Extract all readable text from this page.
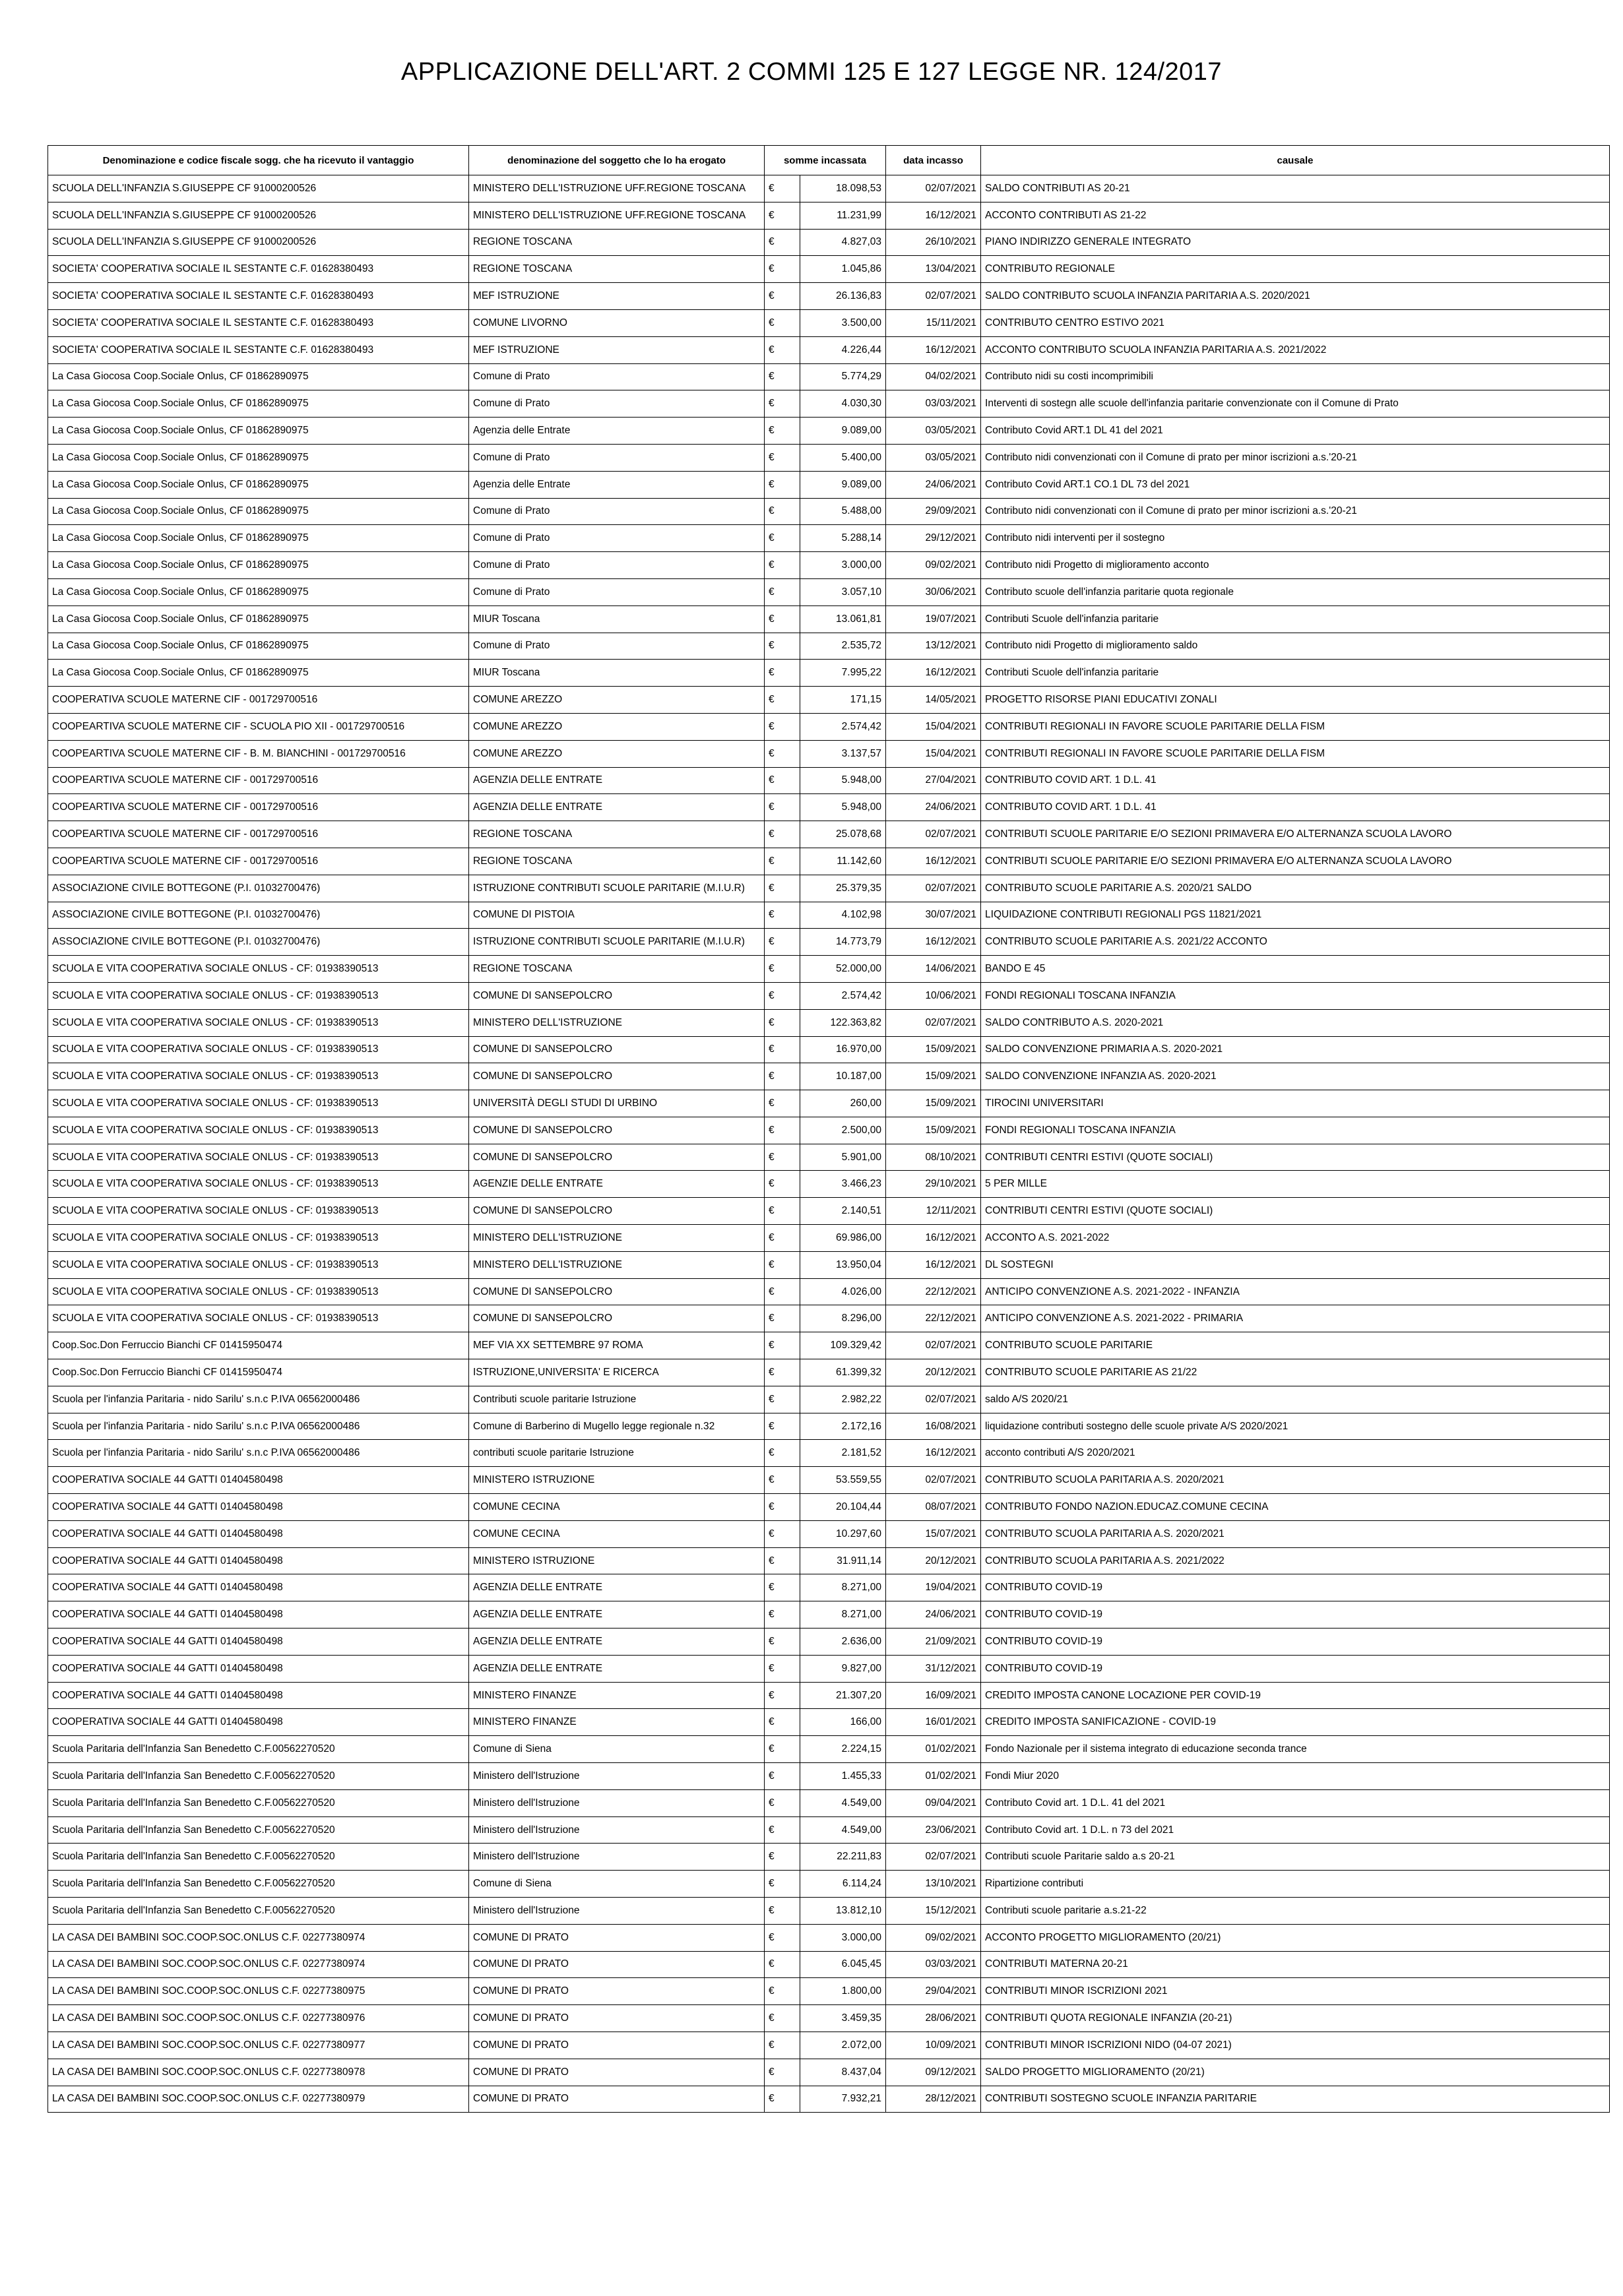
APPLICAZIONE DELL'ART. 2 COMMI 125 E 127 LEGGE NR. 124/2017
Denominazione e codice fiscale sogg. che ha ricevuto il vantaggio	denominazione del soggetto che lo ha erogato	somme incassata		data incasso	causale
SCUOLA DELL'INFANZIA S.GIUSEPPE CF 91000200526	MINISTERO DELL'ISTRUZIONE UFF.REGIONE TOSCANA	€	18.098,53	02/07/2021	SALDO CONTRIBUTI AS 20-21
SCUOLA DELL'INFANZIA S.GIUSEPPE CF 91000200526	MINISTERO DELL'ISTRUZIONE UFF.REGIONE TOSCANA	€	11.231,99	16/12/2021	ACCONTO CONTRIBUTI AS 21-22
SCUOLA DELL'INFANZIA S.GIUSEPPE CF 91000200526	REGIONE TOSCANA	€	4.827,03	26/10/2021	PIANO INDIRIZZO GENERALE INTEGRATO
SOCIETA' COOPERATIVA SOCIALE IL SESTANTE C.F. 01628380493	REGIONE TOSCANA	€	1.045,86	13/04/2021	CONTRIBUTO REGIONALE
SOCIETA' COOPERATIVA SOCIALE IL SESTANTE C.F. 01628380493	MEF ISTRUZIONE	€	26.136,83	02/07/2021	SALDO CONTRIBUTO SCUOLA INFANZIA PARITARIA A.S. 2020/2021
SOCIETA' COOPERATIVA SOCIALE IL SESTANTE C.F. 01628380493	COMUNE LIVORNO	€	3.500,00	15/11/2021	CONTRIBUTO CENTRO ESTIVO 2021
SOCIETA' COOPERATIVA SOCIALE IL SESTANTE C.F. 01628380493	MEF ISTRUZIONE	€	4.226,44	16/12/2021	ACCONTO CONTRIBUTO SCUOLA INFANZIA PARITARIA A.S. 2021/2022
La Casa Giocosa Coop.Sociale Onlus, CF 01862890975	Comune di Prato	€	5.774,29	04/02/2021	Contributo nidi su costi incomprimibili
La Casa Giocosa Coop.Sociale Onlus, CF 01862890975	Comune di Prato	€	4.030,30	03/03/2021	Interventi di sostegn alle scuole dell'infanzia paritarie convenzionate con il Comune di Prato
La Casa Giocosa Coop.Sociale Onlus, CF 01862890975	Agenzia delle Entrate	€	9.089,00	03/05/2021	Contributo Covid ART.1 DL 41 del 2021
La Casa Giocosa Coop.Sociale Onlus, CF 01862890975	Comune di Prato	€	5.400,00	03/05/2021	Contributo nidi convenzionati con il Comune di prato per minor iscrizioni a.s.'20-21
La Casa Giocosa Coop.Sociale Onlus, CF 01862890975	Agenzia delle Entrate	€	9.089,00	24/06/2021	Contributo Covid ART.1 CO.1 DL 73 del 2021
La Casa Giocosa Coop.Sociale Onlus, CF 01862890975	Comune di Prato	€	5.488,00	29/09/2021	Contributo nidi convenzionati con il Comune di prato per minor iscrizioni a.s.'20-21
La Casa Giocosa Coop.Sociale Onlus, CF 01862890975	Comune di Prato	€	5.288,14	29/12/2021	Contributo nidi interventi per il sostegno
La Casa Giocosa Coop.Sociale Onlus, CF 01862890975	Comune di Prato	€	3.000,00	09/02/2021	Contributo nidi Progetto di miglioramento acconto
La Casa Giocosa Coop.Sociale Onlus, CF 01862890975	Comune di Prato	€	3.057,10	30/06/2021	Contributo scuole dell'infanzia paritarie quota regionale
La Casa Giocosa Coop.Sociale Onlus, CF 01862890975	MIUR Toscana	€	13.061,81	19/07/2021	Contributi Scuole dell'infanzia paritarie
La Casa Giocosa Coop.Sociale Onlus, CF 01862890975	Comune di Prato	€	2.535,72	13/12/2021	Contributo nidi Progetto di miglioramento saldo
La Casa Giocosa Coop.Sociale Onlus, CF 01862890975	MIUR Toscana	€	7.995,22	16/12/2021	Contributi Scuole dell'infanzia paritarie
COOPERATIVA SCUOLE MATERNE CIF - 001729700516	COMUNE AREZZO	€	171,15	14/05/2021	PROGETTO RISORSE PIANI EDUCATIVI ZONALI
COOPEARTIVA SCUOLE MATERNE CIF - SCUOLA PIO XII - 001729700516	COMUNE AREZZO	€	2.574,42	15/04/2021	CONTRIBUTI REGIONALI IN FAVORE SCUOLE PARITARIE DELLA FISM
COOPEARTIVA SCUOLE MATERNE CIF - B. M. BIANCHINI - 001729700516	COMUNE AREZZO	€	3.137,57	15/04/2021	CONTRIBUTI REGIONALI IN FAVORE SCUOLE PARITARIE DELLA FISM
COOPEARTIVA SCUOLE MATERNE CIF - 001729700516	AGENZIA DELLE ENTRATE	€	5.948,00	27/04/2021	CONTRIBUTO COVID ART. 1 D.L. 41
COOPEARTIVA SCUOLE MATERNE CIF - 001729700516	AGENZIA DELLE ENTRATE	€	5.948,00	24/06/2021	CONTRIBUTO COVID ART. 1 D.L. 41
COOPEARTIVA SCUOLE MATERNE CIF - 001729700516	REGIONE TOSCANA	€	25.078,68	02/07/2021	CONTRIBUTI SCUOLE PARITARIE E/O SEZIONI PRIMAVERA E/O ALTERNANZA SCUOLA LAVORO
COOPEARTIVA SCUOLE MATERNE CIF - 001729700516	REGIONE TOSCANA	€	11.142,60	16/12/2021	CONTRIBUTI SCUOLE PARITARIE E/O SEZIONI PRIMAVERA E/O ALTERNANZA SCUOLA LAVORO
ASSOCIAZIONE CIVILE BOTTEGONE (P.I. 01032700476)	ISTRUZIONE CONTRIBUTI SCUOLE PARITARIE (M.I.U.R)	€	25.379,35	02/07/2021	CONTRIBUTO SCUOLE PARITARIE A.S. 2020/21 SALDO
ASSOCIAZIONE CIVILE BOTTEGONE (P.I. 01032700476)	COMUNE DI PISTOIA	€	4.102,98	30/07/2021	LIQUIDAZIONE CONTRIBUTI REGIONALI PGS 11821/2021
ASSOCIAZIONE CIVILE BOTTEGONE (P.I. 01032700476)	ISTRUZIONE CONTRIBUTI SCUOLE PARITARIE (M.I.U.R)	€	14.773,79	16/12/2021	CONTRIBUTO SCUOLE PARITARIE A.S. 2021/22 ACCONTO
SCUOLA E VITA COOPERATIVA SOCIALE ONLUS - CF: 01938390513	REGIONE TOSCANA	€	52.000,00	14/06/2021	BANDO E 45
SCUOLA E VITA COOPERATIVA SOCIALE ONLUS - CF: 01938390513	COMUNE DI SANSEPOLCRO	€	2.574,42	10/06/2021	FONDI REGIONALI TOSCANA INFANZIA
SCUOLA E VITA COOPERATIVA SOCIALE ONLUS - CF: 01938390513	MINISTERO DELL'ISTRUZIONE	€	122.363,82	02/07/2021	SALDO CONTRIBUTO A.S. 2020-2021
SCUOLA E VITA COOPERATIVA SOCIALE ONLUS - CF: 01938390513	COMUNE DI SANSEPOLCRO	€	16.970,00	15/09/2021	SALDO CONVENZIONE PRIMARIA A.S. 2020-2021
SCUOLA E VITA COOPERATIVA SOCIALE ONLUS - CF: 01938390513	COMUNE DI SANSEPOLCRO	€	10.187,00	15/09/2021	SALDO CONVENZIONE INFANZIA AS. 2020-2021
SCUOLA E VITA COOPERATIVA SOCIALE ONLUS - CF: 01938390513	UNIVERSITÀ DEGLI STUDI DI URBINO	€	260,00	15/09/2021	TIROCINI UNIVERSITARI
SCUOLA E VITA COOPERATIVA SOCIALE ONLUS - CF: 01938390513	COMUNE DI SANSEPOLCRO	€	2.500,00	15/09/2021	FONDI REGIONALI TOSCANA INFANZIA
SCUOLA E VITA COOPERATIVA SOCIALE ONLUS - CF: 01938390513	COMUNE DI SANSEPOLCRO	€	5.901,00	08/10/2021	CONTRIBUTI CENTRI ESTIVI (QUOTE SOCIALI)
SCUOLA E VITA COOPERATIVA SOCIALE ONLUS - CF: 01938390513	AGENZIE DELLE ENTRATE	€	3.466,23	29/10/2021	5 PER MILLE
SCUOLA E VITA COOPERATIVA SOCIALE ONLUS - CF: 01938390513	COMUNE DI SANSEPOLCRO	€	2.140,51	12/11/2021	CONTRIBUTI CENTRI ESTIVI (QUOTE SOCIALI)
SCUOLA E VITA COOPERATIVA SOCIALE ONLUS - CF: 01938390513	MINISTERO DELL'ISTRUZIONE	€	69.986,00	16/12/2021	ACCONTO A.S. 2021-2022
SCUOLA E VITA COOPERATIVA SOCIALE ONLUS - CF: 01938390513	MINISTERO DELL'ISTRUZIONE	€	13.950,04	16/12/2021	DL SOSTEGNI
SCUOLA E VITA COOPERATIVA SOCIALE ONLUS - CF: 01938390513	COMUNE DI SANSEPOLCRO	€	4.026,00	22/12/2021	ANTICIPO CONVENZIONE A.S. 2021-2022 - INFANZIA
SCUOLA E VITA COOPERATIVA SOCIALE ONLUS - CF: 01938390513	COMUNE DI SANSEPOLCRO	€	8.296,00	22/12/2021	ANTICIPO CONVENZIONE A.S. 2021-2022 - PRIMARIA
Coop.Soc.Don Ferruccio Bianchi CF 01415950474	MEF VIA XX SETTEMBRE 97 ROMA	€	109.329,42	02/07/2021	CONTRIBUTO SCUOLE PARITARIE
Coop.Soc.Don Ferruccio Bianchi CF 01415950474	ISTRUZIONE,UNIVERSITA' E RICERCA	€	61.399,32	20/12/2021	CONTRIBUTO SCUOLE PARITARIE AS 21/22
Scuola per l'infanzia Paritaria - nido Sarilu' s.n.c P.IVA 06562000486	Contributi scuole paritarie Istruzione	€	2.982,22	02/07/2021	saldo A/S 2020/21
Scuola per l'infanzia Paritaria - nido Sarilu' s.n.c P.IVA 06562000486	Comune di Barberino di Mugello legge regionale n.32	€	2.172,16	16/08/2021	liquidazione contributi sostegno delle scuole private A/S 2020/2021
Scuola per l'infanzia Paritaria - nido Sarilu' s.n.c P.IVA 06562000486	contributi scuole paritarie Istruzione	€	2.181,52	16/12/2021	acconto contributi A/S 2020/2021
COOPERATIVA SOCIALE 44 GATTI 01404580498	MINISTERO ISTRUZIONE	€	53.559,55	02/07/2021	CONTRIBUTO SCUOLA PARITARIA A.S. 2020/2021
COOPERATIVA SOCIALE 44 GATTI 01404580498	COMUNE CECINA	€	20.104,44	08/07/2021	CONTRIBUTO FONDO NAZION.EDUCAZ.COMUNE CECINA
COOPERATIVA SOCIALE 44 GATTI 01404580498	COMUNE CECINA	€	10.297,60	15/07/2021	CONTRIBUTO SCUOLA PARITARIA A.S. 2020/2021
COOPERATIVA SOCIALE 44 GATTI 01404580498	MINISTERO ISTRUZIONE	€	31.911,14	20/12/2021	CONTRIBUTO SCUOLA PARITARIA A.S. 2021/2022
COOPERATIVA SOCIALE 44 GATTI 01404580498	AGENZIA DELLE ENTRATE	€	8.271,00	19/04/2021	CONTRIBUTO COVID-19
COOPERATIVA SOCIALE 44 GATTI 01404580498	AGENZIA DELLE ENTRATE	€	8.271,00	24/06/2021	CONTRIBUTO COVID-19
COOPERATIVA SOCIALE 44 GATTI 01404580498	AGENZIA DELLE ENTRATE	€	2.636,00	21/09/2021	CONTRIBUTO COVID-19
COOPERATIVA SOCIALE 44 GATTI 01404580498	AGENZIA DELLE ENTRATE	€	9.827,00	31/12/2021	CONTRIBUTO COVID-19
COOPERATIVA SOCIALE 44 GATTI 01404580498	MINISTERO FINANZE	€	21.307,20	16/09/2021	CREDITO IMPOSTA CANONE LOCAZIONE PER COVID-19
COOPERATIVA SOCIALE 44 GATTI 01404580498	MINISTERO FINANZE	€	166,00	16/01/2021	CREDITO IMPOSTA SANIFICAZIONE - COVID-19
Scuola Paritaria dell'Infanzia San Benedetto C.F.00562270520	Comune di Siena	€	2.224,15	01/02/2021	Fondo Nazionale per il sistema integrato di educazione seconda trance
Scuola Paritaria dell'Infanzia San Benedetto C.F.00562270520	Ministero dell'Istruzione	€	1.455,33	01/02/2021	Fondi Miur 2020
Scuola Paritaria dell'Infanzia San Benedetto C.F.00562270520	Ministero dell'Istruzione	€	4.549,00	09/04/2021	Contributo Covid art. 1 D.L. 41 del 2021
Scuola Paritaria dell'Infanzia San Benedetto C.F.00562270520	Ministero dell'Istruzione	€	4.549,00	23/06/2021	Contributo Covid art. 1 D.L. n 73 del 2021
Scuola Paritaria dell'Infanzia San Benedetto C.F.00562270520	Ministero dell'Istruzione	€	22.211,83	02/07/2021	Contributi scuole Paritarie saldo a.s 20-21
Scuola Paritaria dell'Infanzia San Benedetto C.F.00562270520	Comune di Siena	€	6.114,24	13/10/2021	Ripartizione contributi
Scuola Paritaria dell'Infanzia San Benedetto C.F.00562270520	Ministero dell'Istruzione	€	13.812,10	15/12/2021	Contributi scuole paritarie a.s.21-22
LA CASA DEI BAMBINI SOC.COOP.SOC.ONLUS C.F. 02277380974	COMUNE DI PRATO	€	3.000,00	09/02/2021	ACCONTO PROGETTO MIGLIORAMENTO (20/21)
LA CASA DEI BAMBINI SOC.COOP.SOC.ONLUS C.F. 02277380974	COMUNE DI PRATO	€	6.045,45	03/03/2021	CONTRIBUTI MATERNA 20-21
LA CASA DEI BAMBINI SOC.COOP.SOC.ONLUS C.F. 02277380975	COMUNE DI PRATO	€	1.800,00	29/04/2021	CONTRIBUTI MINOR ISCRIZIONI 2021
LA CASA DEI BAMBINI SOC.COOP.SOC.ONLUS C.F. 02277380976	COMUNE DI PRATO	€	3.459,35	28/06/2021	CONTRIBUTI QUOTA REGIONALE INFANZIA (20-21)
LA CASA DEI BAMBINI SOC.COOP.SOC.ONLUS C.F. 02277380977	COMUNE DI PRATO	€	2.072,00	10/09/2021	CONTRIBUTI MINOR ISCRIZIONI NIDO (04-07 2021)
LA CASA DEI BAMBINI SOC.COOP.SOC.ONLUS C.F. 02277380978	COMUNE DI PRATO	€	8.437,04	09/12/2021	SALDO PROGETTO MIGLIORAMENTO (20/21)
LA CASA DEI BAMBINI SOC.COOP.SOC.ONLUS C.F. 02277380979	COMUNE DI PRATO	€	7.932,21	28/12/2021	CONTRIBUTI SOSTEGNO SCUOLE INFANZIA PARITARIE
